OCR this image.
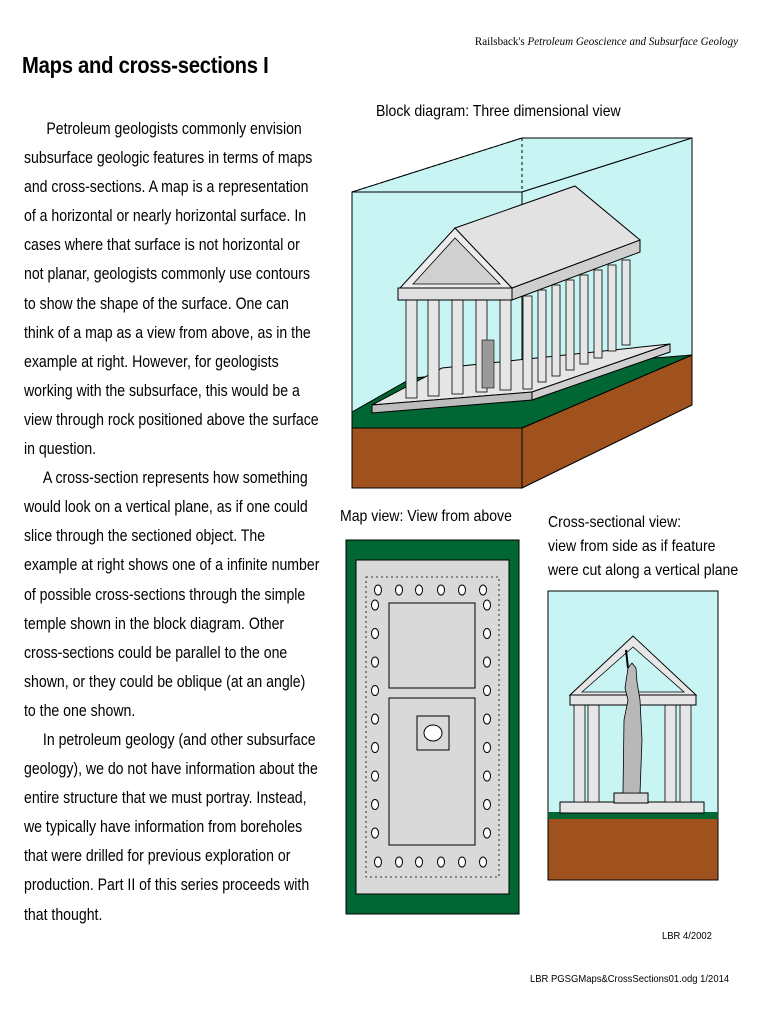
Railsback's Petroleum Geoscience and Subsurface Geology
Maps and cross-sections I

Petroleum geologists commonly envision subsurface geologic features in terms of maps and cross-sections. A map is a representation of a horizontal or nearly horizontal surface. In cases where that surface is not horizontal or not planar, geologists commonly use contours to show the shape of the surface. One can think of a map as a view from above, as in the example at right. However, for geologists working with the subsurface, this would be a view through rock positioned above the surface in question.

A cross-section represents how something would look on a vertical plane, as if one could slice through the sectioned object. The example at right shows one of a infinite number of possible cross-sections through the simple temple shown in the block diagram. Other cross-sections could be parallel to the one shown, or they could be oblique (at an angle) to the one shown.

In petroleum geology (and other subsurface geology), we do not have information about the entire structure that we must portray. Instead, we typically have information from boreholes that were drilled for previous exploration or production. Part II of this series proceeds with that thought.

Block diagram: Three dimensional view
Map view: View from above Cross-sectional view:
view from side as if feature
were cut along a vertical plane
LBR 4/2002
LBR PGSGMaps&CrossSections01.odg 1/2014
